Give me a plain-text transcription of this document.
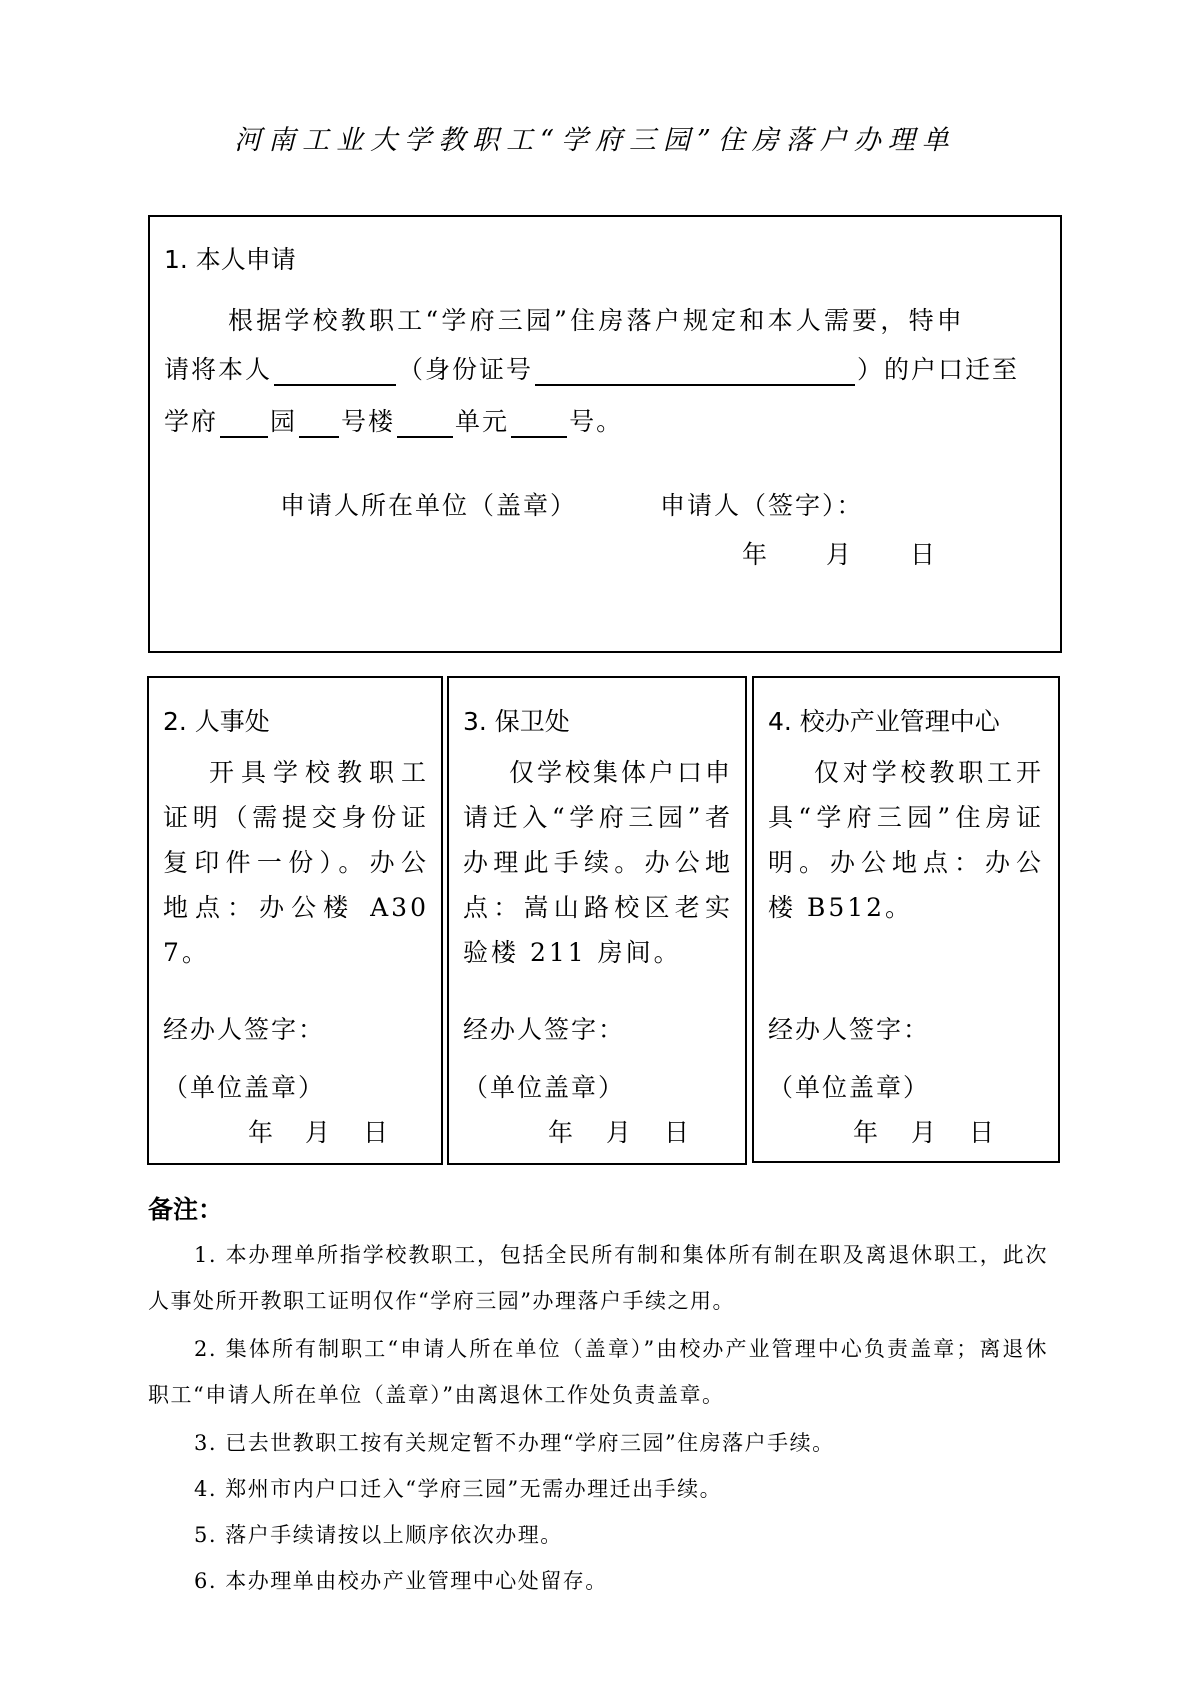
河南工业大学教职工“学府三园”住房落户办理单
1. 本人申请
根据学校教职工“学府三园”住房落户规定和本人需要，特申
请将本人	（身份证号	）的户口迁至
学府 园 号楼 单元 号。
申请人所在单位（盖章）	申请人（签字）：
年 月 日
2. 人事处
开具学校教职工证明（需提交身份证复印件一份）。办公地点：办公楼 A307。
经办人签字：
（单位盖章）
年 月 日
3. 保卫处
仅学校集体户口申请迁入“学府三园”者办理此手续。办公地点：嵩山路校区老实验楼 211 房间。
经办人签字：
（单位盖章）
年 月 日
4. 校办产业管理中心
仅对学校教职工开具“学府三园”住房证明。办公地点：办公楼 B512。
经办人签字：
（单位盖章）
年 月 日
备注：
1. 本办理单所指学校教职工，包括全民所有制和集体所有制在职及离退休职工，此次人事处所开教职工证明仅作“学府三园”办理落户手续之用。
2. 集体所有制职工“申请人所在单位（盖章）”由校办产业管理中心负责盖章；离退休职工“申请人所在单位（盖章）”由离退休工作处负责盖章。
3. 已去世教职工按有关规定暂不办理“学府三园”住房落户手续。
4. 郑州市内户口迁入“学府三园”无需办理迁出手续。
5. 落户手续请按以上顺序依次办理。
6. 本办理单由校办产业管理中心处留存。
